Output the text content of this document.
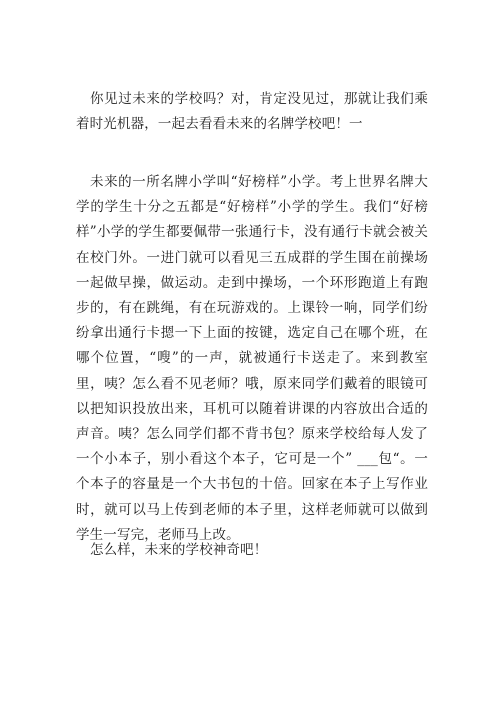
你见过未来的学校吗？对，肯定没见过，那就让我们乘着时光机器，一起去看看未来的名牌学校吧！一

未来的一所名牌小学叫“好榜样”小学。考上世界名牌大学的学生十分之五都是“好榜样”小学的学生。我们“好榜样”小学的学生都要佩带一张通行卡，没有通行卡就会被关在校门外。一进门就可以看见三五成群的学生围在前操场一起做早操，做运动。走到中操场，一个环形跑道上有跑步的，有在跳绳，有在玩游戏的。上课铃一响，同学们纷纷拿出通行卡摁一下上面的按键，选定自己在哪个班，在哪个位置，“嗖”的一声，就被通行卡送走了。来到教室里，咦？怎么看不见老师？哦，原来同学们戴着的眼镜可以把知识投放出来，耳机可以随着讲课的内容放出合适的声音。咦？怎么同学们都不背书包？原来学校给每人发了一个小本子，别小看这个本子，它可是一个” ___包“。一个本子的容量是一个大书包的十倍。回家在本子上写作业时，就可以马上传到老师的本子里，这样老师就可以做到学生一写完，老师马上改。

怎么样，未来的学校神奇吧！
